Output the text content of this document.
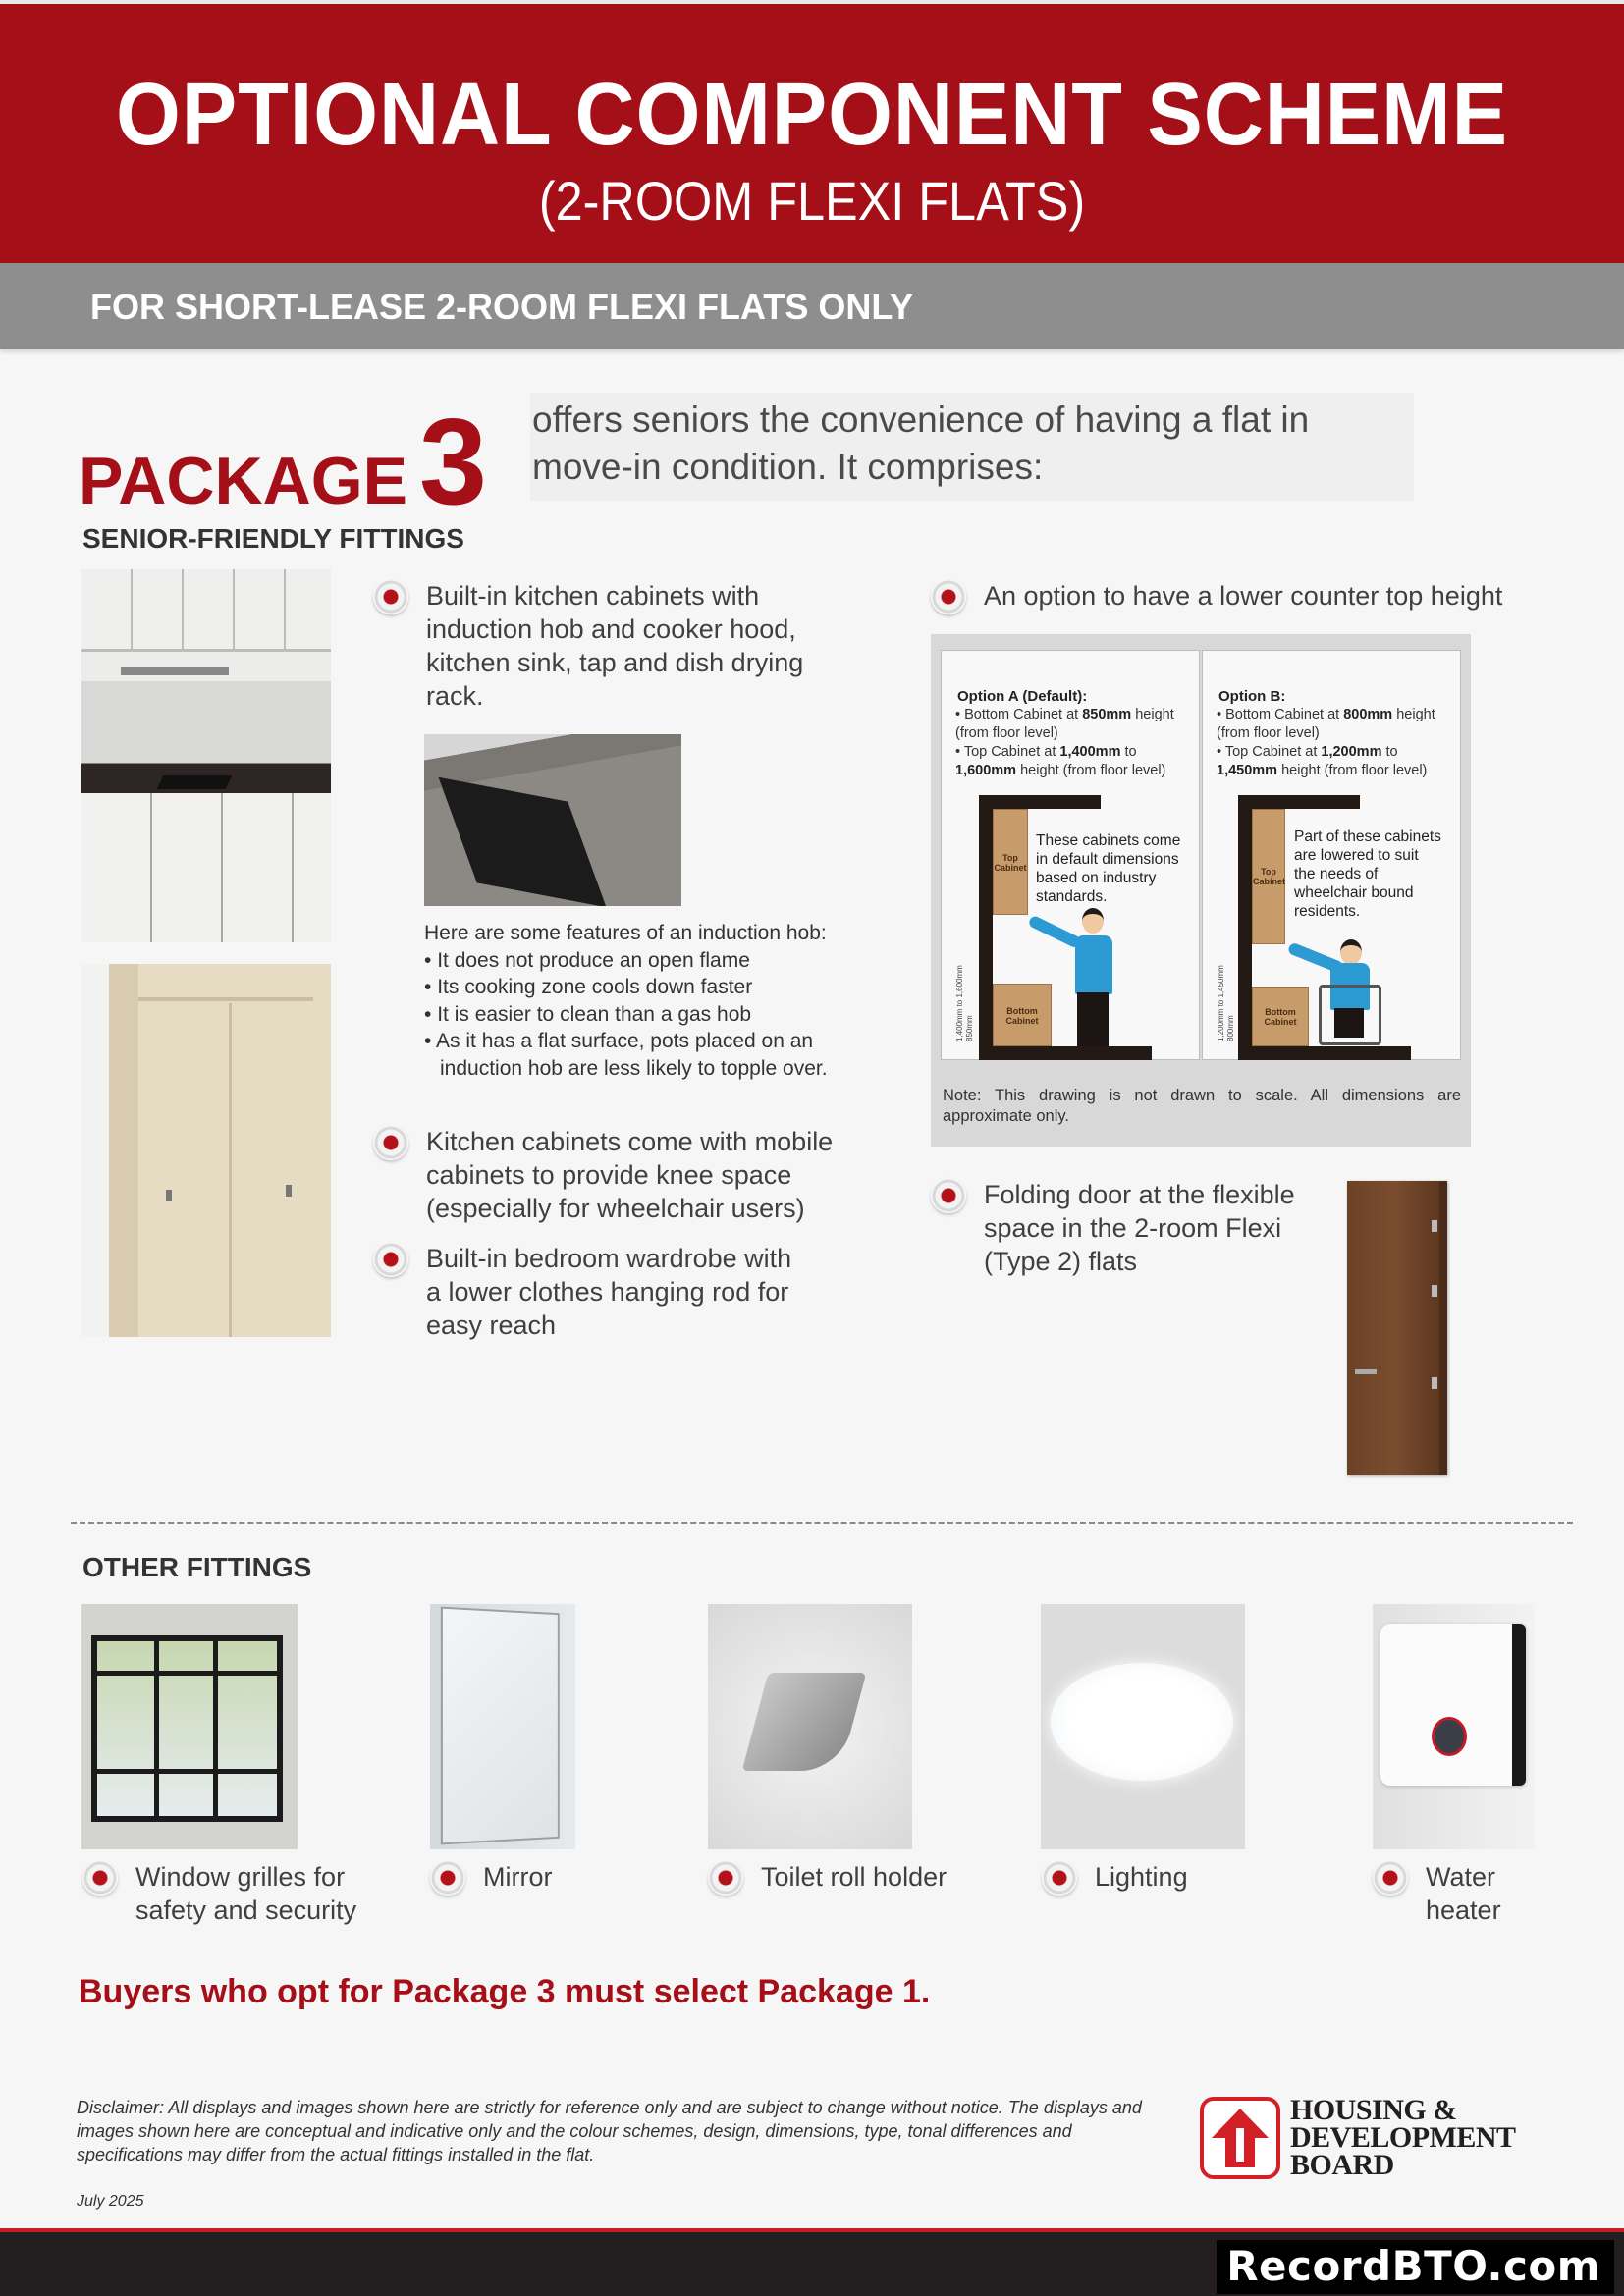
OPTIONAL COMPONENT SCHEME
(2-ROOM FLEXI FLATS)
FOR SHORT-LEASE 2-ROOM FLEXI FLATS ONLY
PACKAGE3 offers seniors the convenience of having a flat in move-in condition. It comprises:
SENIOR-FRIENDLY FITTINGS
Built-in kitchen cabinets with induction hob and cooker hood, kitchen sink, tap and dish drying rack.
Here are some features of an induction hob:
• It does not produce an open flame
• Its cooking zone cools down faster
• It is easier to clean than a gas hob
• As it has a flat surface, pots placed on an induction hob are less likely to topple over.
Kitchen cabinets come with mobile cabinets to provide knee space (especially for wheelchair users)
Built-in bedroom wardrobe with a lower clothes hanging rod for easy reach
An option to have a lower counter top height
Option A (Default):
• Bottom Cabinet at 850mm height (from floor level)
• Top Cabinet at 1,400mm to 1,600mm height (from floor level)
Top Cabinet
Bottom Cabinet
These cabinets come in default dimensions based on industry standards.
1,400mm to 1,600mm 850mm
Option B:
• Bottom Cabinet at 800mm height (from floor level)
• Top Cabinet at 1,200mm to 1,450mm height (from floor level)
Top Cabinet
Bottom Cabinet
Part of these cabinets are lowered to suit the needs of wheelchair bound residents.
1,200mm to 1,450mm 800mm
Note: This drawing is not drawn to scale. All dimensions are approximate only.
Folding door at the flexible space in the 2-room Flexi (Type 2) flats
OTHER FITTINGS
Window grilles for safety and security
Mirror	Toilet roll holder	Lighting	Water heater
Buyers who opt for Package 3 must select Package 1.
Disclaimer: All displays and images shown here are strictly for reference only and are subject to change without notice. The displays and images shown here are conceptual and indicative only and the colour schemes, design, dimensions, type, tonal differences and specifications may differ from the actual fittings installed in the flat.
July 2025
HOUSING &
DEVELOPMENT
BOARD
RecordBTO.com
